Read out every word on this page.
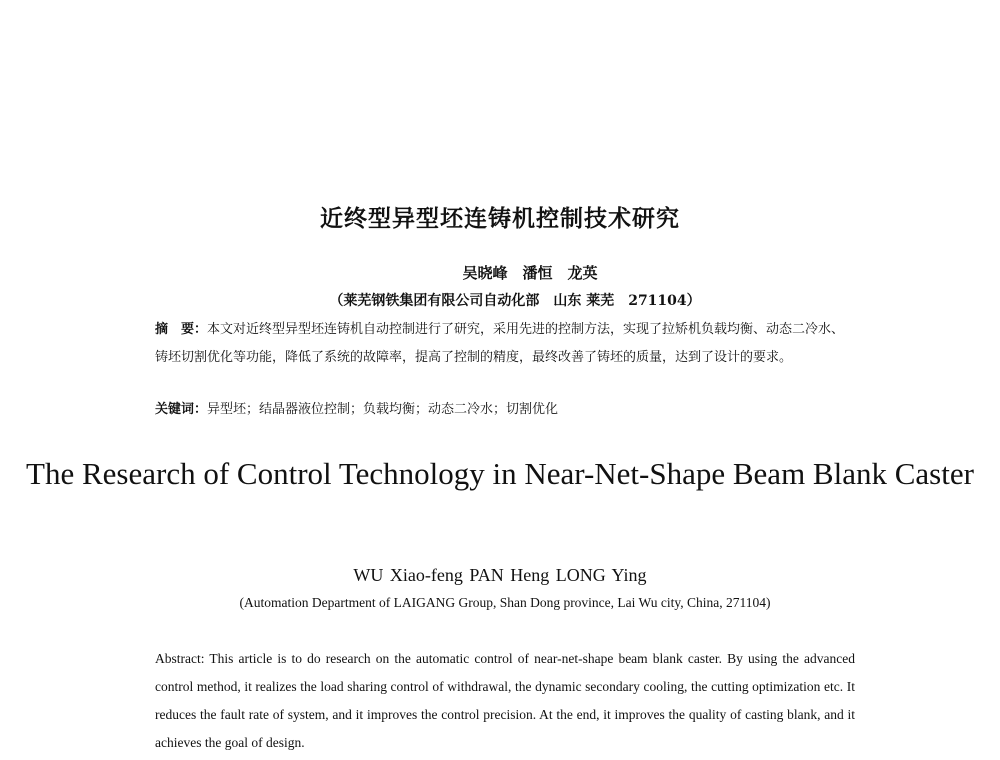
近终型异型坯连铸机控制技术研究
吴晓峰　潘恒　龙英
（莱芜钢铁集团有限公司自动化部　山东 莱芜　271104）
摘　要：本文对近终型异型坯连铸机自动控制进行了研究，采用先进的控制方法，实现了拉矫机负载均衡、动态二冷水、铸坯切割优化等功能，降低了系统的故障率，提高了控制的精度，最终改善了铸坯的质量，达到了设计的要求。
关键词：异型坯；结晶器液位控制；负载均衡；动态二冷水；切割优化
The Research of Control Technology in Near-Net-Shape Beam Blank Caster
WU Xiao-feng PAN Heng LONG Ying
(Automation Department of LAIGANG Group, Shan Dong province, Lai Wu city, China, 271104)
Abstract: This article is to do research on the automatic control of near-net-shape beam blank caster. By using the advanced control method, it realizes the load sharing control of withdrawal, the dynamic secondary cooling, the cutting optimization etc. It reduces the fault rate of system, and it improves the control precision. At the end, it improves the quality of casting blank, and it achieves the goal of design.
